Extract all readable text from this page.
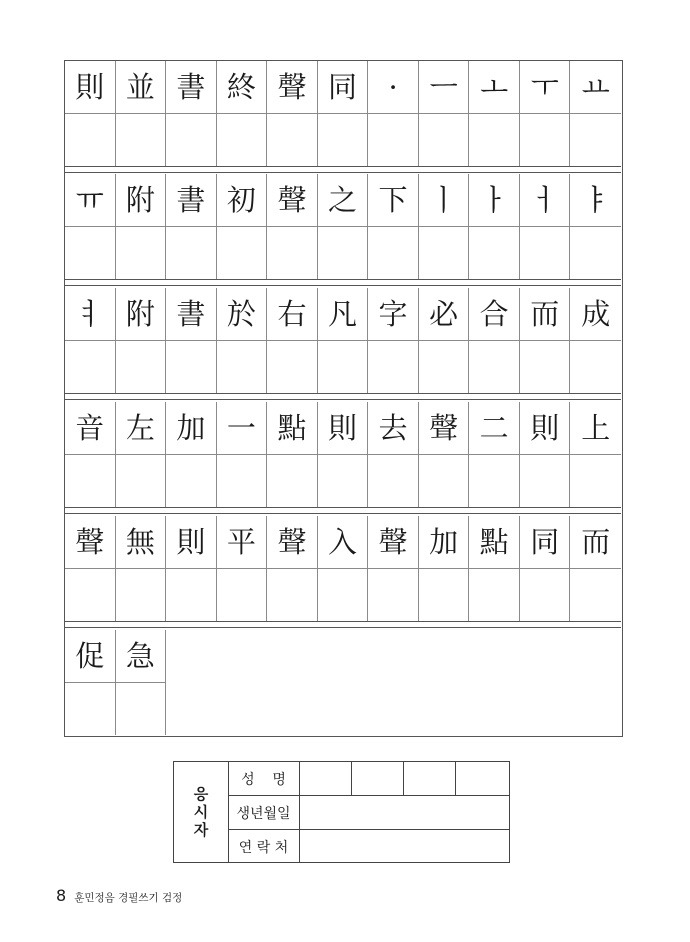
則 並 書 終 聲 同	·	ㅡ ㅗ ㅜ ㅛ
ㅠ 附 書 初 聲 之 下 ㅣ ㅏ ㅓ ㅑ
ㅕ 附 書 於 右 凡 字 必 合 而 成
音 左 加 一 點 則 去 聲 二 則 上
聲 無 則 平 聲 入 聲 加 點 同 而
促 急
응
시
자
성    명
생년월일
연 락 처
8 훈민정음 경필쓰기 검정
